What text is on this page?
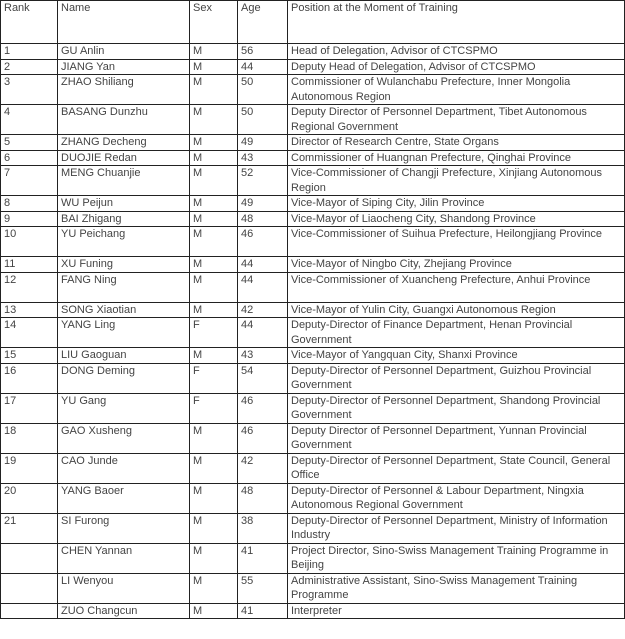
Rank	Name	Sex	Age	Position at the Moment of Training
1	GU Anlin	M	56	Head of Delegation, Advisor of CTCSPMO
2	JIANG Yan	M	44	Deputy Head of Delegation, Advisor of CTCSPMO
3	ZHAO Shiliang	M	50	Commissioner of Wulanchabu Prefecture, Inner Mongolia Autonomous Region
4	BASANG Dunzhu	M	50	Deputy Director of Personnel Department, Tibet Autonomous Regional Government
5	ZHANG Decheng	M	49	Director of Research Centre, State Organs
6	DUOJIE Redan	M	43	Commissioner of Huangnan Prefecture, Qinghai Province
7	MENG Chuanjie	M	52	Vice-Commissioner of Changji Prefecture, Xinjiang Autonomous Region
8	WU Peijun	M	49	Vice-Mayor of Siping City, Jilin Province
9	BAI Zhigang	M	48	Vice-Mayor of Liaocheng City, Shandong Province
10	YU Peichang	M	46	Vice-Commissioner of Suihua Prefecture, Heilongjiang Province
11	XU Funing	M	44	Vice-Mayor of Ningbo City, Zhejiang Province
12	FANG Ning	M	44	Vice-Commissioner of Xuancheng Prefecture, Anhui Province
13	SONG Xiaotian	M	42	Vice-Mayor of Yulin City, Guangxi Autonomous Region
14	YANG Ling	F	44	Deputy-Director of Finance Department, Henan Provincial Government
15	LIU Gaoguan	M	43	Vice-Mayor of Yangquan City, Shanxi Province
16	DONG Deming	F	54	Deputy-Director of Personnel Department, Guizhou Provincial Government
17	YU Gang	F	46	Deputy-Director of Personnel Department, Shandong Provincial Government
18	GAO Xusheng	M	46	Deputy Director of Personnel Department, Yunnan Provincial Government
19	CAO Junde	M	42	Deputy-Director of Personnel Department, State Council, General Office
20	YANG Baoer	M	48	Deputy-Director of Personnel & Labour Department, Ningxia Autonomous Regional Government
21	SI Furong	M	38	Deputy-Director of Personnel Department, Ministry of Information Industry
	CHEN Yannan	M	41	Project Director, Sino-Swiss Management Training Programme in Beijing
	LI Wenyou	M	55	Administrative Assistant, Sino-Swiss Management Training Programme
	ZUO Changcun	M	41	Interpreter
